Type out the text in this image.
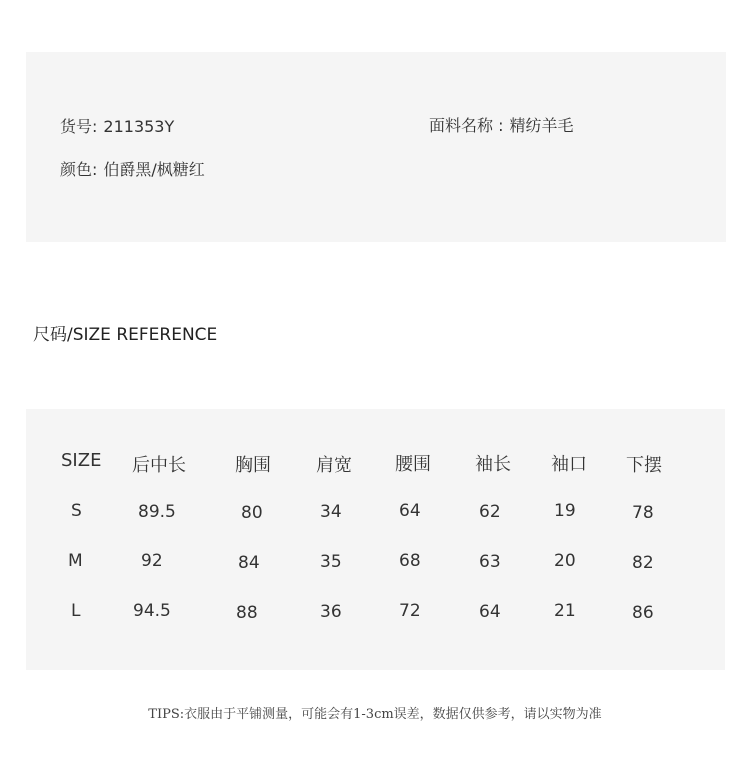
货号: 211353Y	面料名称 : 精纺羊毛
颜色: 伯爵黑/枫糖红
尺码/SIZE REFERENCE
SIZE 后中长	胸围	肩宽 腰围 袖长 袖口 下摆
S	89.5	80	34	64	62	19	78
M	92	84	35	68	63	20	82
L	94.5	88	36	72	64	21	86
TIPS:衣服由于平铺测量，可能会有1-3cm误差，数据仅供参考，请以实物为准
